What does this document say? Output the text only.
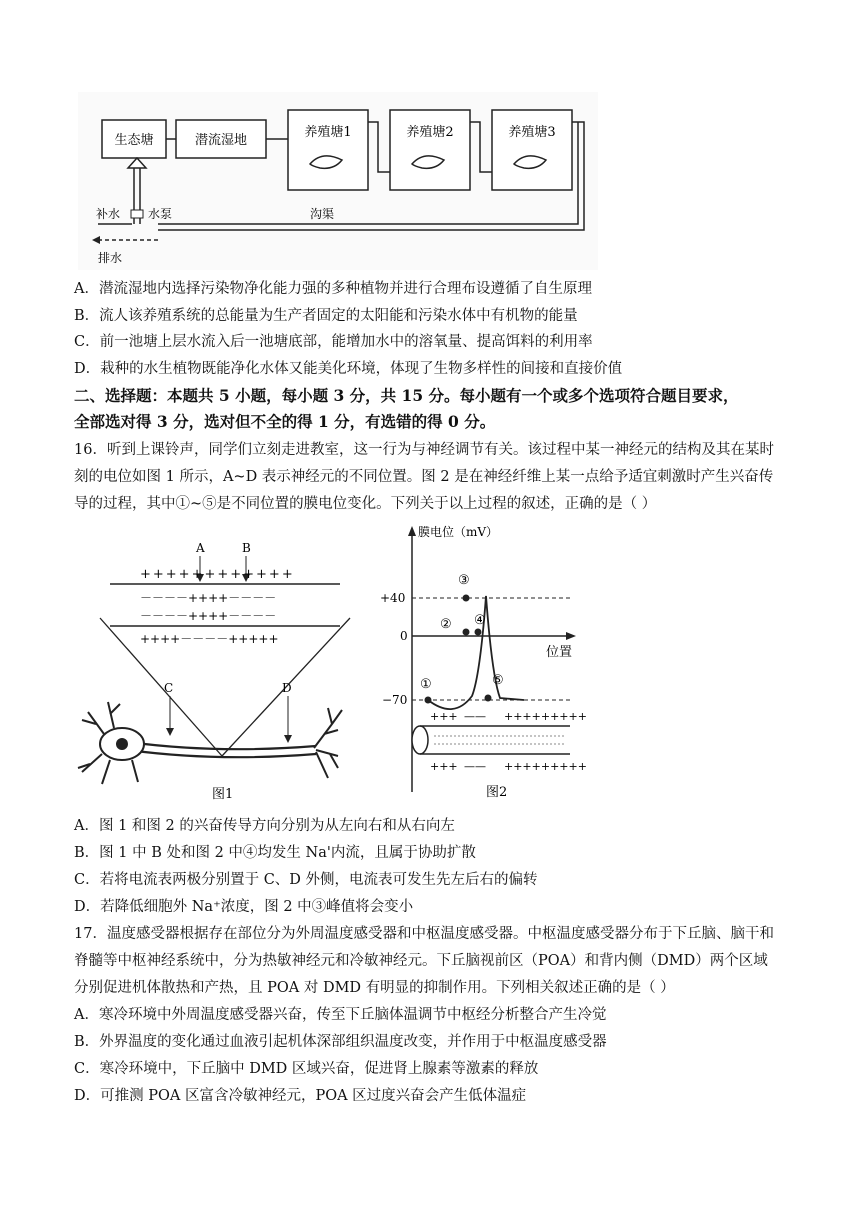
生态塘	潜流湿地
养殖塘1	养殖塘2	养殖塘3
补水 水泵	沟渠
排水
A．潜流湿地内选择污染物净化能力强的多种植物并进行合理布设遵循了自生原理
B．流人该养殖系统的总能量为生产者固定的太阳能和污染水体中有机物的能量
C．前一池塘上层水流入后一池塘底部，能增加水中的溶氧量、提高饵料的利用率
D．栽种的水生植物既能净化水体又能美化环境，体现了生物多样性的间接和直接价值
二、选择题：本题共 5 小题，每小题 3 分，共 15 分。每小题有一个或多个选项符合题目要求，
全部选对得 3 分，选对但不全的得 1 分，有选错的得 0 分。
16．听到上课铃声，同学们立刻走进教室，这一行为与神经调节有关。该过程中某一神经元的结构及其在某时
刻的电位如图 1 所示，A~D 表示神经元的不同位置。图 2 是在神经纤维上某一点给予适宜刺激时产生兴奋传
导的过程，其中①~⑤是不同位置的膜电位变化。下列关于以上过程的叙述，正确的是（ ）
A	B
++++++++++++
－－－－++++－－－－
－－－－++++－－－－
++++－－－－+++++
C	D
图1
膜电位（mV）
位置
+40
0
−70
①
②
③
④
⑤
+++ —— +++++++++
+++ —— +++++++++
图2
A．图 1 和图 2 的兴奋传导方向分别为从左向右和从右向左
B．图 1 中 B 处和图 2 中④均发生 Na'内流，且属于协助扩散
C．若将电流表两极分别置于 C、D 外侧，电流表可发生先左后右的偏转
D．若降低细胞外 Na⁺浓度，图 2 中③峰值将会变小
17．温度感受器根据存在部位分为外周温度感受器和中枢温度感受器。中枢温度感受器分布于下丘脑、脑干和
脊髓等中枢神经系统中，分为热敏神经元和冷敏神经元。下丘脑视前区（POA）和背内侧（DMD）两个区域
分别促进机体散热和产热，且 POA 对 DMD 有明显的抑制作用。下列相关叙述正确的是（ ）
A．寒冷环境中外周温度感受器兴奋，传至下丘脑体温调节中枢经分析整合产生冷觉
B．外界温度的变化通过血液引起机体深部组织温度改变，并作用于中枢温度感受器
C．寒冷环境中，下丘脑中 DMD 区域兴奋，促进肾上腺素等激素的释放
D．可推测 POA 区富含冷敏神经元，POA 区过度兴奋会产生低体温症
